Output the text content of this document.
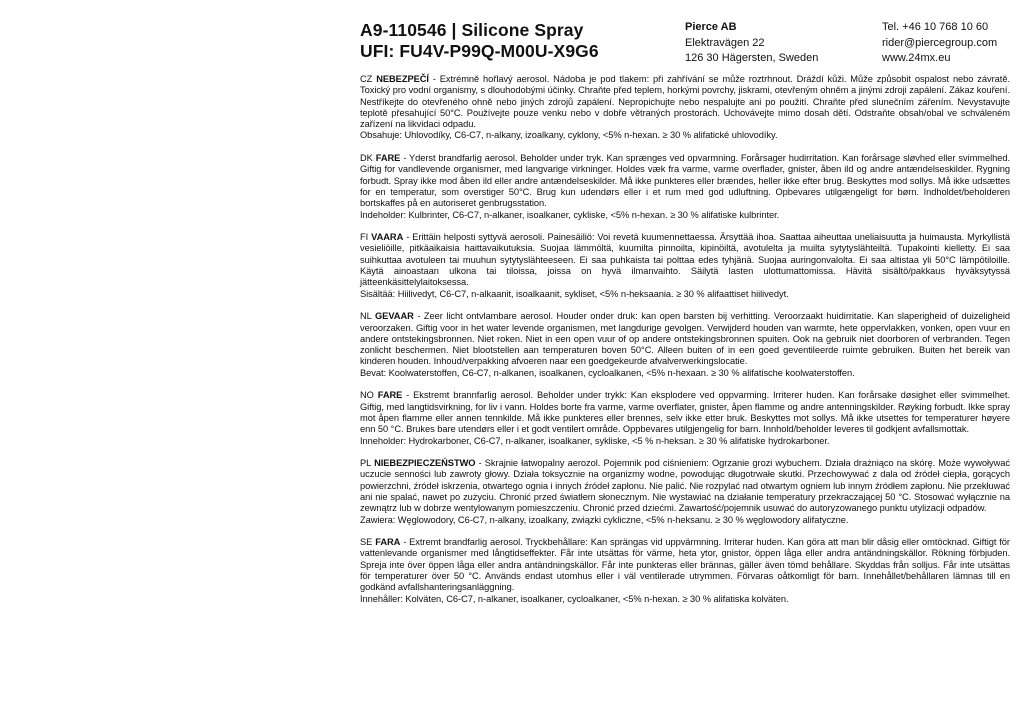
A9-110546 | Silicone Spray
UFI: FU4V-P99Q-M00U-X9G6
Pierce AB
Elektravägen 22
126 30 Hägersten, Sweden
Tel. +46 10 768 10 60
rider@piercegroup.com
www.24mx.eu

CZ NEBEZPEČÍ - Extrémně hořlavý aerosol. Nádoba je pod tlakem: při zahřívání se může roztrhnout. Dráždí kůži. Může způsobit ospalost nebo závratě. Toxický pro vodní organismy, s dlouhodobými účinky. Chraňte před teplem, horkými povrchy, jiskrami, otevřeným ohněm a jinými zdroji zapálení. Zákaz kouření. Nestříkejte do otevřeného ohně nebo jiných zdrojů zapálení. Nepropichujte nebo nespalujte ani po použití. Chraňte před slunečním zářením. Nevystavujte teplotě přesahující 50°C. Používejte pouze venku nebo v dobře větraných prostorách. Uchovávejte mimo dosah dětí. Odstraňte obsah/obal ve schváleném zařízení na likvidaci odpadu.
Obsahuje: Uhlovodíky, C6-C7, n-alkany, izoalkany, cyklony, <5% n-hexan. ≥ 30 % alifatické uhlovodíky.

DK FARE - Yderst brandfarlig aerosol. Beholder under tryk. Kan sprænges ved opvarmning. Forårsager hudirritation. Kan forårsage sløvhed eller svimmelhed. Giftig for vandlevende organismer, med langvarige virkninger. Holdes væk fra varme, varme overflader, gnister, åben ild og andre antændelseskilder. Rygning forbudt. Spray ikke mod åben ild eller andre antændelseskilder. Må ikke punkteres eller brændes, heller ikke efter brug. Beskyttes mod sollys. Må ikke udsættes for en temperatur, som overstiger 50°C. Brug kun udendørs eller i et rum med god udluftning. Opbevares utilgængeligt for børn. Indholdet/beholderen bortskaffes på en autoriseret genbrugsstation.
Indeholder: Kulbrinter, C6-C7, n-alkaner, isoalkaner, cykliske, <5% n-hexan. ≥ 30 % alifatiske kulbrinter.

FI VAARA - Erittäin helposti syttyvä aerosoli. Painesäiliö: Voi revetä kuumennettaessa. Ärsyttää ihoa. Saattaa aiheuttaa uneliaisuutta ja huimausta. Myrkyllistä vesieliöille, pitkäaikaisia haittavaikutuksia. Suojaa lämmöltä, kuumilta pinnoilta, kipinöiltä, avotulelta ja muilta sytytyslähteiltä. Tupakointi kielletty. Ei saa suihkuttaa avotuleen tai muuhun sytytyslähteeseen. Ei saa puhkaista tai polttaa edes tyhjänä. Suojaa auringonvalolta. Ei saa altistaa yli 50°C lämpötiloille. Käytä ainoastaan ulkona tai tiloissa, joissa on hyvä ilmanvaihto. Säilytä lasten ulottumattomissa. Hävitä sisältö/pakkaus hyväksytyssä jätteenkäsittelylaitoksessa.
Sisältää: Hiilivedyt, C6-C7, n-alkaanit, isoalkaanit, sykliset, <5% n-heksaania. ≥ 30 % alifaattiset hiilivedyt.

NL GEVAAR - Zeer licht ontvlambare aerosol. Houder onder druk: kan open barsten bij verhitting. Veroorzaakt huidirritatie. Kan slaperigheid of duizeligheid veroorzaken. Giftig voor in het water levende organismen, met langdurige gevolgen. Verwijderd houden van warmte, hete oppervlakken, vonken, open vuur en andere ontstekingsbronnen. Niet roken. Niet in een open vuur of op andere ontstekingsbronnen spuiten. Ook na gebruik niet doorboren of verbranden. Tegen zonlicht beschermen. Niet blootstellen aan temperaturen boven 50°C. Alleen buiten of in een goed geventileerde ruimte gebruiken. Buiten het bereik van kinderen houden. Inhoud/verpakking afvoeren naar een goedgekeurde afvalverwerkingslocatie.
Bevat: Koolwaterstoffen, C6-C7, n-alkanen, isoalkanen, cycloalkanen, <5% n-hexaan. ≥ 30 % alifatische koolwaterstoffen.

NO FARE - Ekstremt brannfarlig aerosol. Beholder under trykk: Kan eksplodere ved oppvarming. Irriterer huden. Kan forårsake døsighet eller svimmelhet. Giftig, med langtidsvirkning, for liv i vann. Holdes borte fra varme, varme overflater, gnister, åpen flamme og andre antenningskilder. Røyking forbudt. Ikke spray mot åpen flamme eller annen tennkilde. Må ikke punkteres eller brennes, selv ikke etter bruk. Beskyttes mot sollys. Må ikke utsettes for temperaturer høyere enn 50 °C. Brukes bare utendørs eller i et godt ventilert område. Oppbevares utilgjengelig for barn. Innhold/beholder leveres til godkjent avfallsmottak.
Inneholder: Hydrokarboner, C6-C7, n-alkaner, isoalkaner, sykliske, <5 % n-heksan. ≥ 30 % alifatiske hydrokarboner.

PL NIEBEZPIECZEŃSTWO - Skrajnie łatwopalny aerozol. Pojemnik pod ciśnieniem: Ogrzanie grozi wybuchem. Działa drażniąco na skórę. Może wywoływać uczucie senności lub zawroty głowy. Działa toksycznie na organizmy wodne, powodując długotrwałe skutki. Przechowywać z dala od źródeł ciepła, gorących powierzchni, źródeł iskrzenia, otwartego ognia i innych źródeł zapłonu. Nie palić. Nie rozpylać nad otwartym ogniem lub innym źródłem zapłonu. Nie przekłuwać ani nie spalać, nawet po zużyciu. Chronić przed światłem słonecznym. Nie wystawiać na działanie temperatury przekraczającej 50 °C. Stosować wyłącznie na zewnątrz lub w dobrze wentylowanym pomieszczeniu. Chronić przed dziećmi. Zawartość/pojemnik usuwać do autoryzowanego punktu utylizacji odpadów.
Zawiera: Węglowodory, C6-C7, n-alkany, izoalkany, związki cykliczne, <5% n-heksanu. ≥ 30 % węglowodory alifatyczne.

SE FARA - Extremt brandfarlig aerosol. Tryckbehållare: Kan sprängas vid uppvärmning. Irriterar huden. Kan göra att man blir dåsig eller omtöcknad. Giftigt för vattenlevande organismer med långtidseffekter. Får inte utsättas för värme, heta ytor, gnistor, öppen låga eller andra antändningskällor. Rökning förbjuden. Spreja inte över öppen låga eller andra antändningskällor. Får inte punkteras eller brännas, gäller även tömd behållare. Skyddas från solljus. Får inte utsättas för temperaturer över 50 °C. Används endast utomhus eller i väl ventilerade utrymmen. Förvaras oåtkomligt för barn. Innehållet/behållaren lämnas till en godkänd avfallshanteringsanläggning.
Innehåller: Kolväten, C6-C7, n-alkaner, isoalkaner, cycloalkaner, <5% n-hexan. ≥ 30 % alifatiska kolväten.
